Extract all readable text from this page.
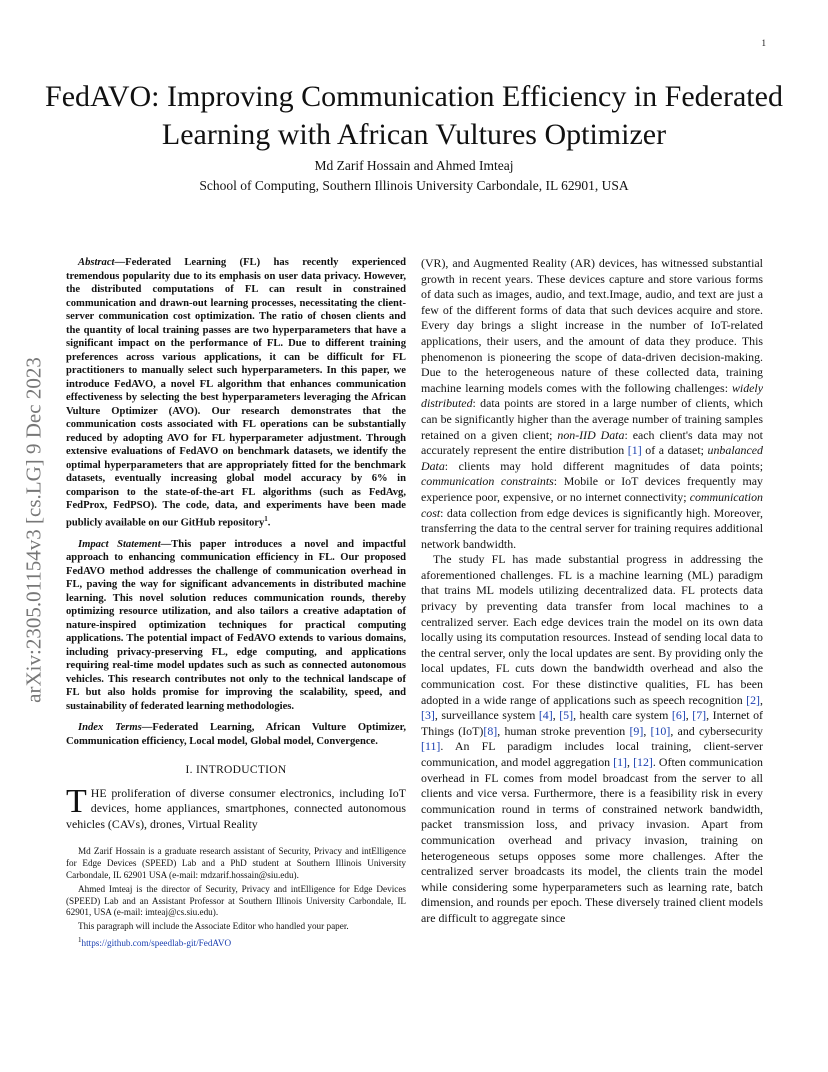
1
FedAVO: Improving Communication Efficiency in Federated Learning with African Vultures Optimizer
Md Zarif Hossain and Ahmed Imteaj
School of Computing, Southern Illinois University Carbondale, IL 62901, USA
arXiv:2305.01154v3 [cs.LG] 9 Dec 2023

Abstract—Federated Learning (FL) has recently experienced tremendous popularity due to its emphasis on user data privacy. However, the distributed computations of FL can result in constrained communication and drawn-out learning processes, necessitating the client-server communication cost optimization. The ratio of chosen clients and the quantity of local training passes are two hyperparameters that have a significant impact on the performance of FL. Due to different training preferences across various applications, it can be difficult for FL practitioners to manually select such hyperparameters. In this paper, we introduce FedAVO, a novel FL algorithm that enhances communication effectiveness by selecting the best hyperparameters leveraging the African Vulture Optimizer (AVO). Our research demonstrates that the communication costs associated with FL operations can be substantially reduced by adopting AVO for FL hyperparameter adjustment. Through extensive evaluations of FedAVO on benchmark datasets, we identify the optimal hyperparameters that are appropriately fitted for the benchmark datasets, eventually increasing global model accuracy by 6% in comparison to the state-of-the-art FL algorithms (such as FedAvg, FedProx, FedPSO). The code, data, and experiments have been made publicly available on our GitHub repository$^1$.

Impact Statement—This paper introduces a novel and impactful approach to enhancing communication efficiency in FL. Our proposed FedAVO method addresses the challenge of communication overhead in FL, paving the way for significant advancements in distributed machine learning. This novel solution reduces communication rounds, thereby optimizing resource utilization, and also tailors a creative adaptation of nature-inspired optimization techniques for practical computing applications. The potential impact of FedAVO extends to various domains, including privacy-preserving FL, edge computing, and applications requiring real-time model updates such as such as connected autonomous vehicles. This research contributes not only to the technical landscape of FL but also holds promise for improving the scalability, speed, and sustainability of federated learning methodologies.

Index Terms—Federated Learning, African Vulture Optimizer, Communication efficiency, Local model, Global model, Convergence.

I. INTRODUCTION

THE proliferation of diverse consumer electronics, including IoT devices, home appliances, smartphones, connected autonomous vehicles (CAVs), drones, Virtual Reality

Md Zarif Hossain is a graduate research assistant of Security, Privacy and intElligence for Edge Devices (SPEED) Lab and a PhD student at Southern Illinois University Carbondale, IL 62901 USA (e-mail: mdzarif.hossain@siu.edu).

Ahmed Imteaj is the director of Security, Privacy and intElligence for Edge Devices (SPEED) Lab and an Assistant Professor at Southern Illinois University Carbondale, IL 62901, USA (e-mail: imteaj@cs.siu.edu).

This paragraph will include the Associate Editor who handled your paper.

$^1$https://github.com/speedlab-git/FedAVO

(VR), and Augmented Reality (AR) devices, has witnessed substantial growth in recent years. These devices capture and store various forms of data such as images, audio, and text.Image, audio, and text are just a few of the different forms of data that such devices acquire and store. Every day brings a slight increase in the number of IoT-related applications, their users, and the amount of data they produce. This phenomenon is pioneering the scope of data-driven decision-making. Due to the heterogeneous nature of these collected data, training machine learning models comes with the following challenges: widely distributed: data points are stored in a large number of clients, which can be significantly higher than the average number of training samples retained on a given client; non-IID Data: each client's data may not accurately represent the entire distribution [1] of a dataset; unbalanced Data: clients may hold different magnitudes of data points; communication constraints: Mobile or IoT devices frequently may experience poor, expensive, or no internet connectivity; communication cost: data collection from edge devices is significantly high. Moreover, transferring the data to the central server for training requires additional network bandwidth.

The study FL has made substantial progress in addressing the aforementioned challenges. FL is a machine learning (ML) paradigm that trains ML models utilizing decentralized data. FL protects data privacy by preventing data transfer from local machines to a centralized server. Each edge devices train the model on its own data locally using its computation resources. Instead of sending local data to the central server, only the local updates are sent. By providing only the local updates, FL cuts down the bandwidth overhead and also the communication cost. For these distinctive qualities, FL has been adopted in a wide range of applications such as speech recognition [2], [3], surveillance system [4], [5], health care system [6], [7], Internet of Things (IoT)[8], human stroke prevention [9], [10], and cybersecurity [11]. An FL paradigm includes local training, client-server communication, and model aggregation [1], [12]. Often communication overhead in FL comes from model broadcast from the server to all clients and vice versa. Furthermore, there is a feasibility risk in every communication round in terms of constrained network bandwidth, packet transmission loss, and privacy invasion. Apart from communication overhead and privacy invasion, training on heterogeneous setups opposes some more challenges. After the centralized server broadcasts its model, the clients train the model while considering some hyperparameters such as learning rate, batch dimension, and rounds per epoch. These diversely trained client models are difficult to aggregate since
